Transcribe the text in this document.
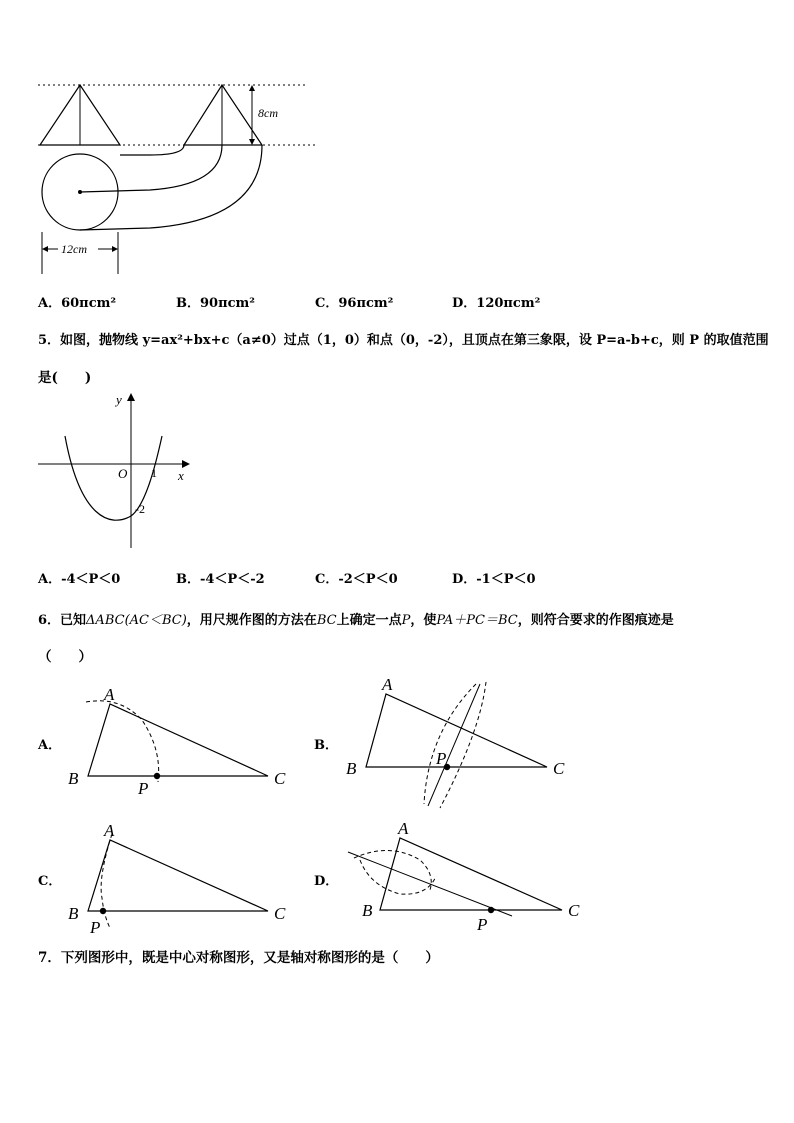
8cm
12cm
A．60πcm²	B．90πcm²	C．96πcm²	D．120πcm²
5．如图，抛物线 y=ax²+bx+c（a≠0）过点（1，0）和点（0，-2），且顶点在第三象限，设 P=a-b+c，则 P 的取值范围
是(　　)
y
x
O 1
-2
A．-4＜P＜0	B．-4＜P＜-2	C．-2＜P＜0	D．-1＜P＜0
6．已知ΔABC(AC＜BC)，用尺规作图的方法在BC上确定一点P，使PA＋PC＝BC，则符合要求的作图痕迹是
（　　）
A．
A
B	C
P
B．
A
B	C
P
C．
A
B	C
P
D．
A
B	C
P
7．下列图形中，既是中心对称图形，又是轴对称图形的是（　　）
